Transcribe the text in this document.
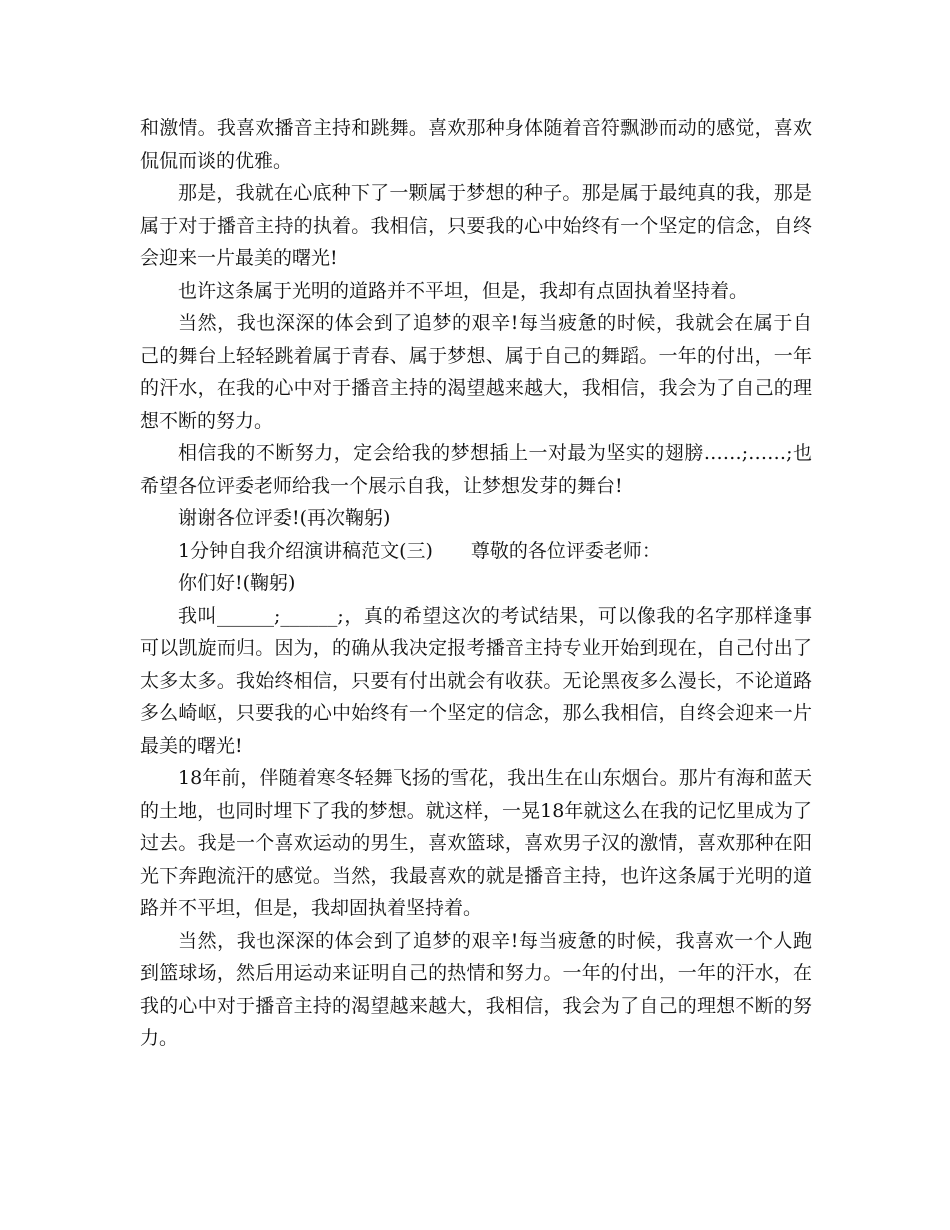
和激情。我喜欢播音主持和跳舞。喜欢那种身体随着音符飘渺而动的感觉，喜欢侃侃而谈的优雅。

那是，我就在心底种下了一颗属于梦想的种子。那是属于最纯真的我，那是属于对于播音主持的执着。我相信，只要我的心中始终有一个坚定的信念，自终会迎来一片最美的曙光!

也许这条属于光明的道路并不平坦，但是，我却有点固执着坚持着。

当然，我也深深的体会到了追梦的艰辛!每当疲惫的时候，我就会在属于自己的舞台上轻轻跳着属于青春、属于梦想、属于自己的舞蹈。一年的付出，一年的汗水，在我的心中对于播音主持的渴望越来越大，我相信，我会为了自己的理想不断的努力。

相信我的不断努力，定会给我的梦想插上一对最为坚实的翅膀……;……;也希望各位评委老师给我一个展示自我，让梦想发芽的舞台!

谢谢各位评委!(再次鞠躬)

1分钟自我介绍演讲稿范文(三)　　尊敬的各位评委老师：

你们好!(鞠躬)

我叫______;______;，真的希望这次的考试结果，可以像我的名字那样逢事可以凯旋而归。因为，的确从我决定报考播音主持专业开始到现在，自己付出了太多太多。我始终相信，只要有付出就会有收获。无论黑夜多么漫长，不论道路多么崎岖，只要我的心中始终有一个坚定的信念，那么我相信，自终会迎来一片最美的曙光!

18年前，伴随着寒冬轻舞飞扬的雪花，我出生在山东烟台。那片有海和蓝天的土地，也同时埋下了我的梦想。就这样，一晃18年就这么在我的记忆里成为了过去。我是一个喜欢运动的男生，喜欢篮球，喜欢男子汉的激情，喜欢那种在阳光下奔跑流汗的感觉。当然，我最喜欢的就是播音主持，也许这条属于光明的道路并不平坦，但是，我却固执着坚持着。

当然，我也深深的体会到了追梦的艰辛!每当疲惫的时候，我喜欢一个人跑到篮球场，然后用运动来证明自己的热情和努力。一年的付出，一年的汗水，在我的心中对于播音主持的渴望越来越大，我相信，我会为了自己的理想不断的努力。
